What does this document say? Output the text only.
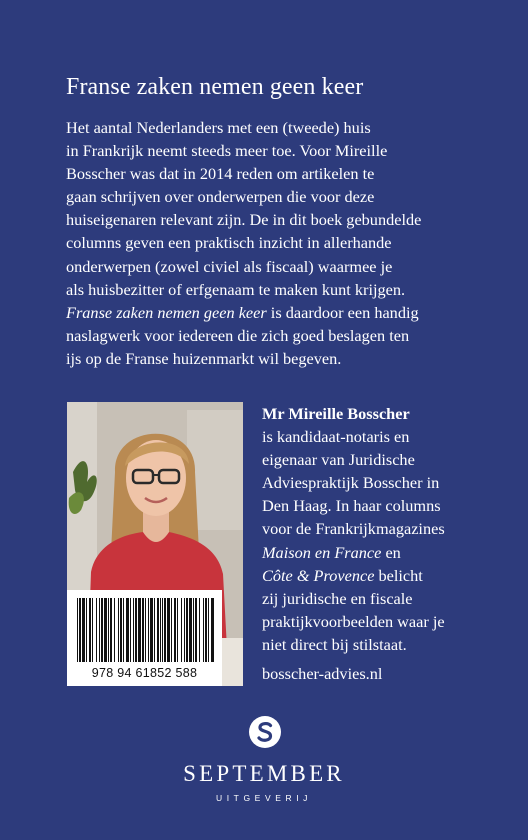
Franse zaken nemen geen keer

Het aantal Nederlanders met een (tweede) huis
in Frankrijk neemt steeds meer toe. Voor Mireille
Bosscher was dat in 2014 reden om artikelen te
gaan schrijven over onderwerpen die voor deze
huiseigenaren relevant zijn. De in dit boek gebundelde
columns geven een praktisch inzicht in allerhande
onderwerpen (zowel civiel als fiscaal) waarmee je
als huisbezitter of erfgenaam te maken kunt krijgen.
Franse zaken nemen geen keer is daardoor een handig
naslagwerk voor iedereen die zich goed beslagen ten
ijs op de Franse huizenmarkt wil begeven.

978 94 61852 588

Mr Mireille Bosscher
is kandidaat-notaris en
eigenaar van Juridische
Adviespraktijk Bosscher in
Den Haag. In haar columns
voor de Frankrijkmagazines
Maison en France en
Côte & Provence belicht
zij juridische en fiscale
praktijkvoorbeelden waar je
niet direct bij stilstaat.

bosscher-advies.nl
SEPTEMBER
UITGEVERIJ
